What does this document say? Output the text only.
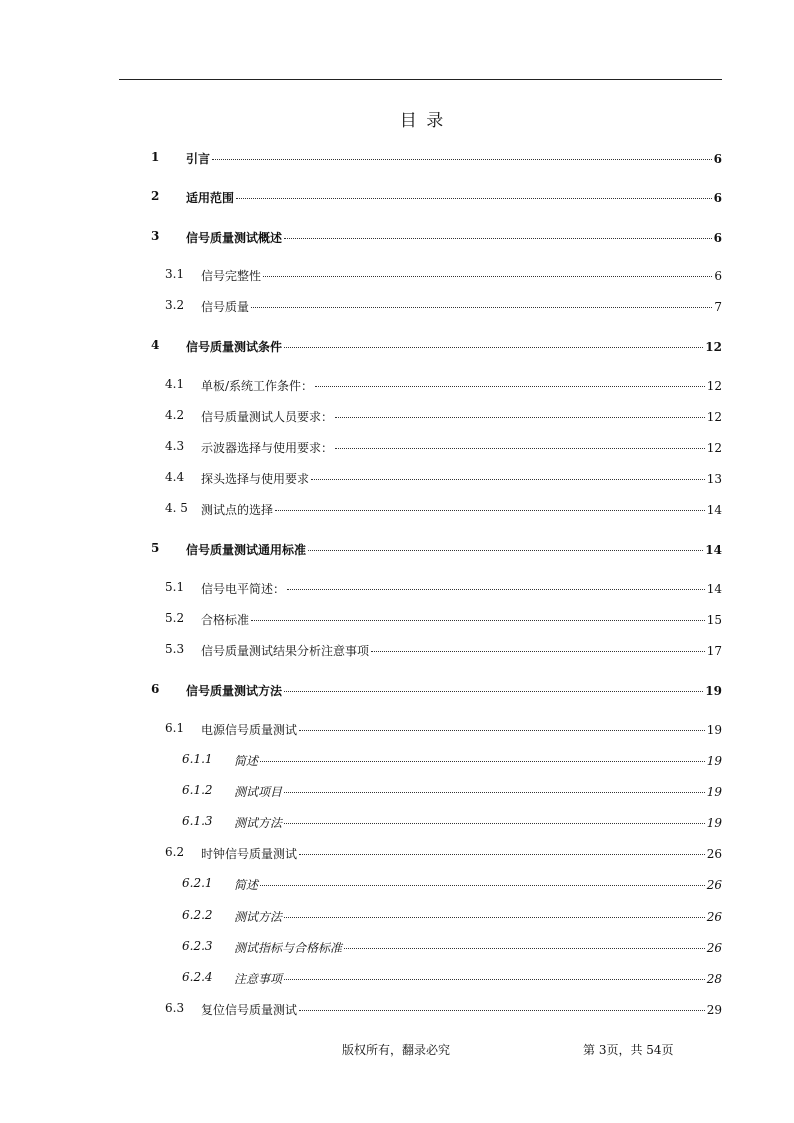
目 录
1 引言	6
2 适用范围	6
3 信号质量测试概述	6
3.1 信号完整性	6
3.2 信号质量	7
4 信号质量测试条件	12
4.1 单板/系统工作条件：	12
4.2 信号质量测试人员要求：	12
4.3 示波器选择与使用要求：	12
4.4 探头选择与使用要求	13
4. 5 测试点的选择	14
5 信号质量测试通用标准	14
5.1 信号电平简述：	14
5.2 合格标准	15
5.3 信号质量测试结果分析注意事项	17
6 信号质量测试方法	19
6.1 电源信号质量测试	19
6.1.1 简述	19
6.1.2 测试项目	19
6.1.3 测试方法	19
6.2 时钟信号质量测试	26
6.2.1 简述	26
6.2.2 测试方法	26
6.2.3 测试指标与合格标准	26
6.2.4 注意事项	28
6.3 复位信号质量测试	29
版权所有，翻录必究	第 3页，共 54页
